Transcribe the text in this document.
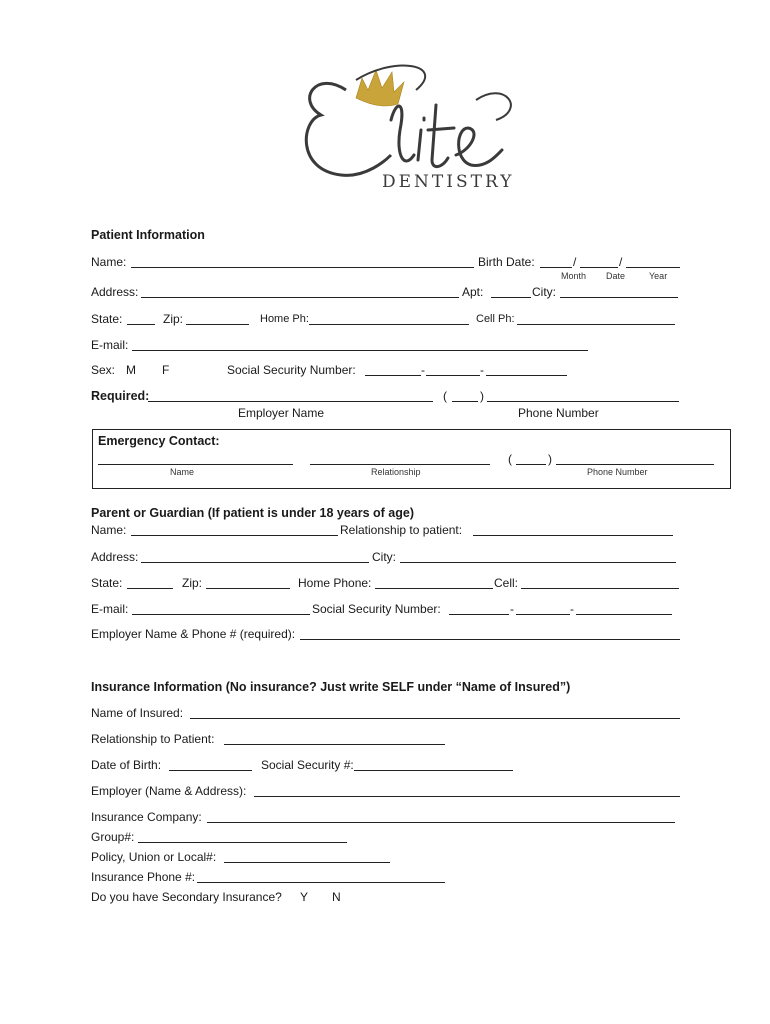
DENTISTRY
Patient Information
Name:	Birth Date:	/	/
Month Date	Year
Address:	Apt:	City:
State:	Zip:	Home Ph:	Cell Ph:
E-mail:
Sex: M F	Social Security Number:	-	-
Required:	(	)
Employer Name	Phone Number
Emergency Contact:
(	)
Name	Relationship	Phone Number
Parent or Guardian (If patient is under 18 years of age)
Name:	Relationship to patient:
Address:	City:
State:	Zip:	Home Phone:	Cell:
E-mail:	Social Security Number:	-	-
Employer Name & Phone # (required):
Insurance Information (No insurance? Just write SELF under “Name of Insured”)
Name of Insured:
Relationship to Patient:
Date of Birth:	Social Security #:
Employer (Name & Address):
Insurance Company:
Group#:
Policy, Union or Local#:
Insurance Phone #:
Do you have Secondary Insurance? Y N
